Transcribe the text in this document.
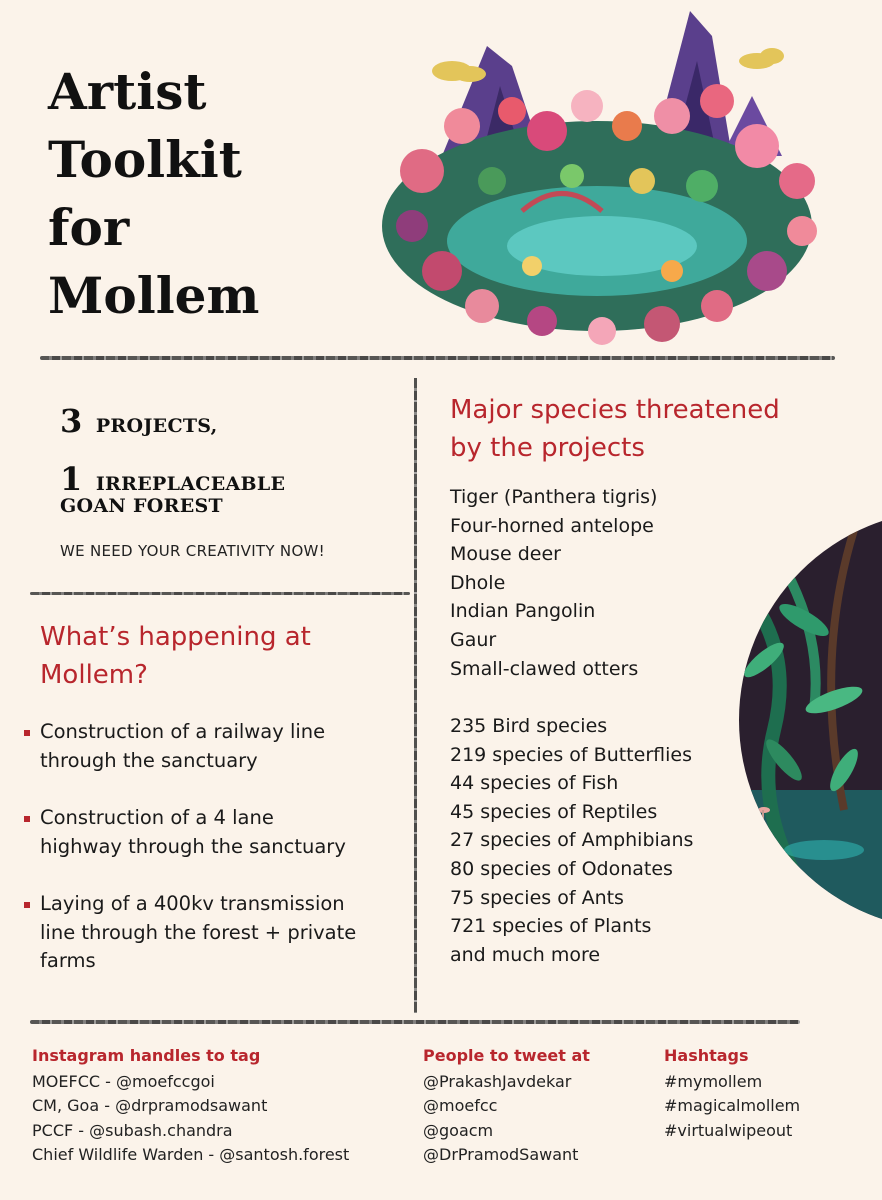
Artist
Toolkit
for
Mollem
3 PROJECTS,
1 IRREPLACEABLE
GOAN FOREST
WE NEED YOUR CREATIVITY NOW!
What’s happening at
Mollem?
Construction of a railway line
through the sanctuary
Construction of a 4 lane
highway through the sanctuary
Laying of a 400kv transmission
line through the forest + private
farms
Major species threatened
by the projects
Tiger (Panthera tigris)
Four-horned antelope
Mouse deer
Dhole
Indian Pangolin
Gaur
Small-clawed otters
235 Bird species
219 species of Butterflies
44 species of Fish
45 species of Reptiles
27 species of Amphibians
80 species of Odonates
75 species of Ants
721 species of Plants
and much more
Instagram handles to tag
MOEFCC - @moefccgoi
CM, Goa - @drpramodsawant
PCCF - @subash.chandra
Chief Wildlife Warden - @santosh.forest
People to tweet at
@PrakashJavdekar
@moefcc
@goacm
@DrPramodSawant
Hashtags
#mymollem
#magicalmollem
#virtualwipeout
